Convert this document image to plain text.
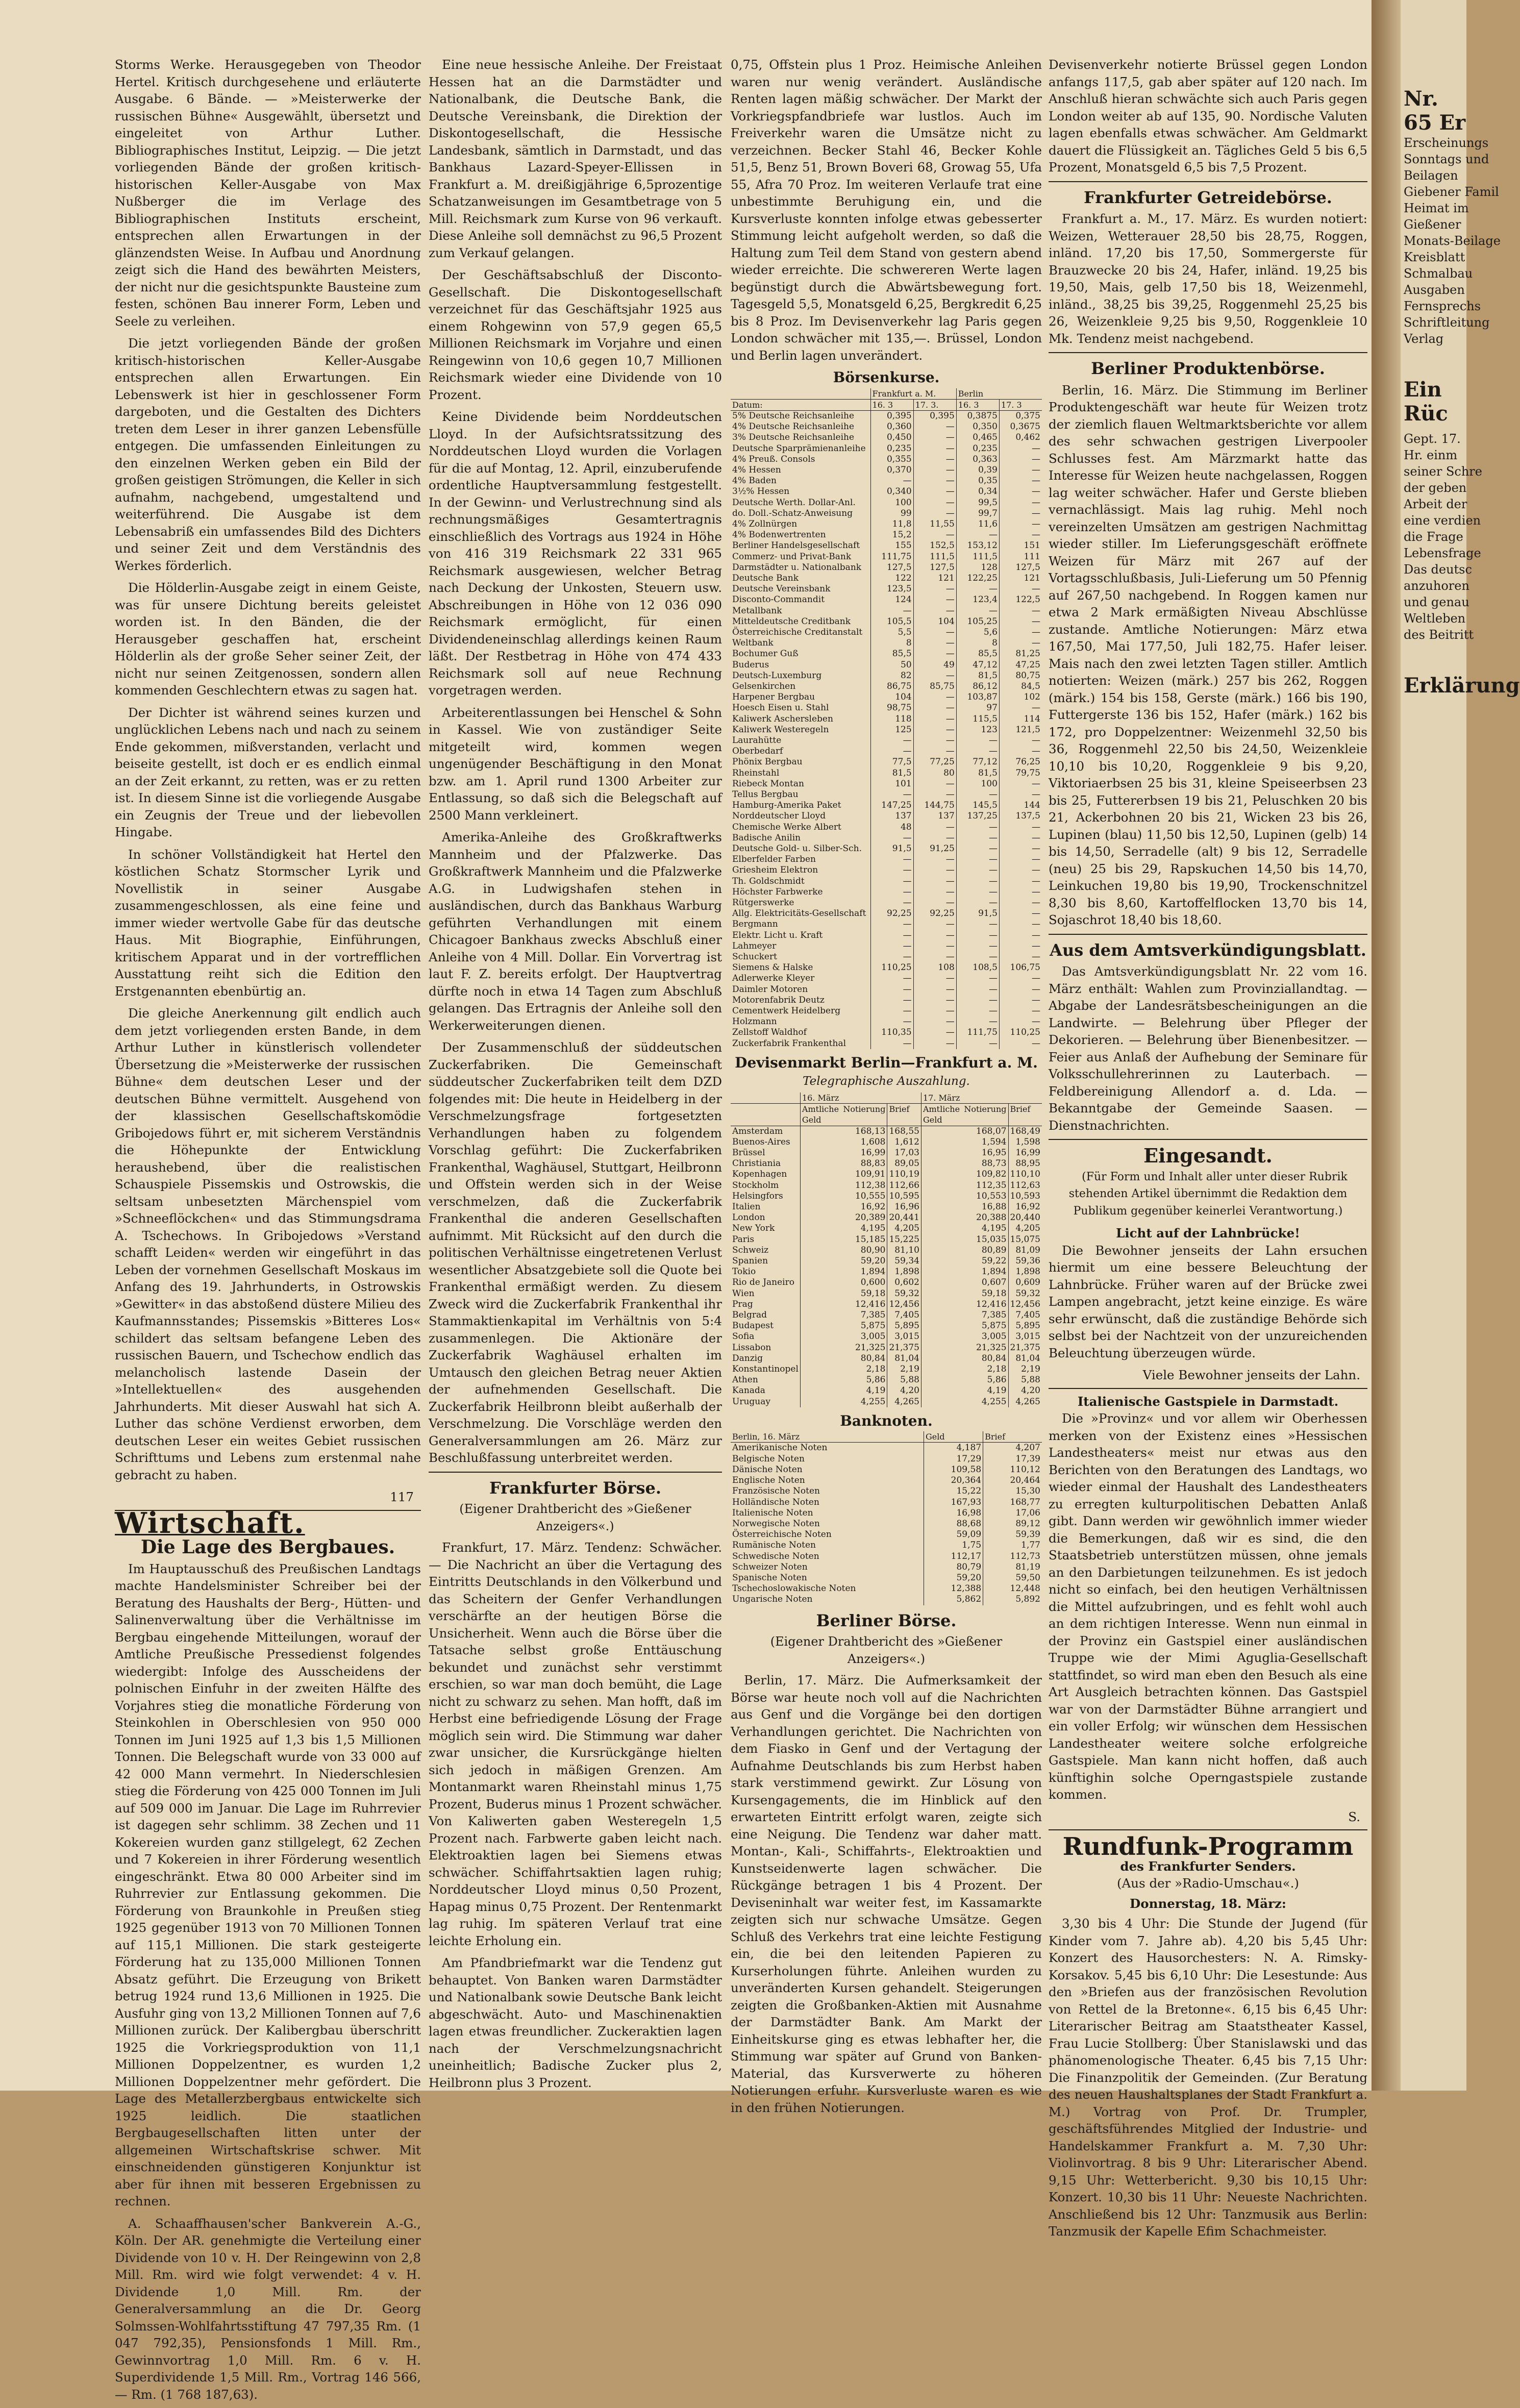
Storms Werke. Herausgegeben von Theodor Hertel. Kritisch durchgesehene und erläuterte Ausgabe. 6 Bände. — »Meisterwerke der russischen Bühne« Ausgewählt, übersetzt und eingeleitet von Arthur Luther. Bibliographisches Institut, Leipzig. — Die jetzt vorliegenden Bände der großen kritisch-historischen Keller-Ausgabe von Max Nußberger die im Verlage des Bibliographischen Instituts erscheint, entsprechen allen Erwartungen in der glänzendsten Weise. In Aufbau und Anordnung zeigt sich die Hand des bewährten Meisters, der nicht nur die gesichtspunkte Bausteine zum festen, schönen Bau innerer Form, Leben und Seele zu verleihen.

Die jetzt vorliegenden Bände der großen kritisch-historischen Keller-Ausgabe entsprechen allen Erwartungen. Ein Lebenswerk ist hier in geschlossener Form dargeboten, und die Gestalten des Dichters treten dem Leser in ihrer ganzen Lebensfülle entgegen. Die umfassenden Einleitungen zu den einzelnen Werken geben ein Bild der großen geistigen Strömungen, die Keller in sich aufnahm, nachgebend, umgestaltend und weiterführend. Die Ausgabe ist dem Lebensabriß ein umfassendes Bild des Dichters und seiner Zeit und dem Verständnis des Werkes förderlich.

Die Hölderlin-Ausgabe zeigt in einem Geiste, was für unsere Dichtung bereits geleistet worden ist. In den Bänden, die der Herausgeber geschaffen hat, erscheint Hölderlin als der große Seher seiner Zeit, der nicht nur seinen Zeitgenossen, sondern allen kommenden Geschlechtern etwas zu sagen hat.

Der Dichter ist während seines kurzen und unglücklichen Lebens nach und nach zu seinem Ende gekommen, mißverstanden, verlacht und beiseite gestellt, ist doch er es endlich einmal an der Zeit erkannt, zu retten, was er zu retten ist. In diesem Sinne ist die vorliegende Ausgabe ein Zeugnis der Treue und der liebevollen Hingabe.

In schöner Vollständigkeit hat Hertel den köstlichen Schatz Stormscher Lyrik und Novellistik in seiner Ausgabe zusammengeschlossen, als eine feine und immer wieder wertvolle Gabe für das deutsche Haus. Mit Biographie, Einführungen, kritischem Apparat und in der vortrefflichen Ausstattung reiht sich die Edition den Erstgenannten ebenbürtig an.

Die gleiche Anerkennung gilt endlich auch dem jetzt vorliegenden ersten Bande, in dem Arthur Luther in künstlerisch vollendeter Übersetzung die »Meisterwerke der russischen Bühne« dem deutschen Leser und der deutschen Bühne vermittelt. Ausgehend von der klassischen Gesellschaftskomödie Gribojedows führt er, mit sicherem Verständnis die Höhepunkte der Entwicklung heraushebend, über die realistischen Schauspiele Pissemskis und Ostrowskis, die seltsam unbesetzten Märchenspiel vom »Schneeflöckchen« und das Stimmungsdrama A. Tschechows. In Gribojedows »Verstand schafft Leiden« werden wir eingeführt in das Leben der vornehmen Gesellschaft Moskaus im Anfang des 19. Jahrhunderts, in Ostrowskis »Gewitter« in das abstoßend düstere Milieu des Kaufmannsstandes; Pissemskis »Bitteres Los« schildert das seltsam befangene Leben des russischen Bauern, und Tschechow endlich das melancholisch lastende Dasein der »Intellektuellen« des ausgehenden Jahrhunderts. Mit dieser Auswahl hat sich A. Luther das schöne Verdienst erworben, dem deutschen Leser ein weites Gebiet russischen Schrifttums und Lebens zum erstenmal nahe gebracht zu haben.

117
Wirtschaft.
Die Lage des Bergbaues.

Im Hauptausschuß des Preußischen Landtags machte Handelsminister Schreiber bei der Beratung des Haushalts der Berg-, Hütten- und Salinenverwaltung über die Verhältnisse im Bergbau eingehende Mitteilungen, worauf der Amtliche Preußische Pressedienst folgendes wiedergibt: Infolge des Ausscheidens der polnischen Einfuhr in der zweiten Hälfte des Vorjahres stieg die monatliche Förderung von Steinkohlen in Oberschlesien von 950 000 Tonnen im Juni 1925 auf 1,3 bis 1,5 Millionen Tonnen. Die Belegschaft wurde von 33 000 auf 42 000 Mann vermehrt. In Niederschlesien stieg die Förderung von 425 000 Tonnen im Juli auf 509 000 im Januar. Die Lage im Ruhrrevier ist dagegen sehr schlimm. 38 Zechen und 11 Kokereien wurden ganz stillgelegt, 62 Zechen und 7 Kokereien in ihrer Förderung wesentlich eingeschränkt. Etwa 80 000 Arbeiter sind im Ruhrrevier zur Entlassung gekommen. Die Förderung von Braunkohle in Preußen stieg 1925 gegenüber 1913 von 70 Millionen Tonnen auf 115,1 Millionen. Die stark gesteigerte Förderung hat zu 135,000 Millionen Tonnen Absatz geführt. Die Erzeugung von Brikett betrug 1924 rund 13,6 Millionen in 1925. Die Ausfuhr ging von 13,2 Millionen Tonnen auf 7,6 Millionen zurück. Der Kalibergbau überschritt 1925 die Vorkriegsproduktion von 11,1 Millionen Doppelzentner, es wurden 1,2 Millionen Doppelzentner mehr gefördert. Die Lage des Metallerzbergbaus entwickelte sich 1925 leidlich. Die staatlichen Bergbaugesellschaften litten unter der allgemeinen Wirtschaftskrise schwer. Mit einschneidenden günstigeren Konjunktur ist aber für ihnen mit besseren Ergebnissen zu rechnen.

A. Schaaffhausen'scher Bankverein A.-G., Köln. Der AR. genehmigte die Verteilung einer Dividende von 10 v. H. Der Reingewinn von 2,8 Mill. Rm. wird wie folgt verwendet: 4 v. H. Dividende 1,0 Mill. Rm. der Generalversammlung an die Dr. Georg Solmssen-Wohlfahrtsstiftung 47 797,35 Rm. (1 047 792,35), Pensionsfonds 1 Mill. Rm., Gewinnvortrag 1,0 Mill. Rm. 6 v. H. Superdividende 1,5 Mill. Rm., Vortrag 146 566,— Rm. (1 768 187,63).

Eine neue hessische Anleihe. Der Freistaat Hessen hat an die Darmstädter und Nationalbank, die Deutsche Bank, die Deutsche Vereinsbank, die Direktion der Diskontogesellschaft, die Hessische Landesbank, sämtlich in Darmstadt, und das Bankhaus Lazard-Speyer-Ellissen in Frankfurt a. M. dreißigjährige 6,5prozentige Schatzanweisungen im Gesamtbetrage von 5 Mill. Reichsmark zum Kurse von 96 verkauft. Diese Anleihe soll demnächst zu 96,5 Prozent zum Verkauf gelangen.

Der Geschäftsabschluß der Disconto-Gesellschaft. Die Diskontogesellschaft verzeichnet für das Geschäftsjahr 1925 aus einem Rohgewinn von 57,9 gegen 65,5 Millionen Reichsmark im Vorjahre und einen Reingewinn von 10,6 gegen 10,7 Millionen Reichsmark wieder eine Dividende von 10 Prozent.

Keine Dividende beim Norddeutschen Lloyd. In der Aufsichtsratssitzung des Norddeutschen Lloyd wurden die Vorlagen für die auf Montag, 12. April, einzuberufende ordentliche Hauptversammlung festgestellt. In der Gewinn- und Verlustrechnung sind als rechnungsmäßiges Gesamtertragnis einschließlich des Vortrags aus 1924 in Höhe von 416 319 Reichsmark 22 331 965 Reichsmark ausgewiesen, welcher Betrag nach Deckung der Unkosten, Steuern usw. Abschreibungen in Höhe von 12 036 090 Reichsmark ermöglicht, für einen Dividendeneinschlag allerdings keinen Raum läßt. Der Restbetrag in Höhe von 474 433 Reichsmark soll auf neue Rechnung vorgetragen werden.

Arbeiterentlassungen bei Henschel & Sohn in Kassel. Wie von zuständiger Seite mitgeteilt wird, kommen wegen ungenügender Beschäftigung in den Monat bzw. am 1. April rund 1300 Arbeiter zur Entlassung, so daß sich die Belegschaft auf 2500 Mann verkleinert.

Amerika-Anleihe des Großkraftwerks Mannheim und der Pfalzwerke. Das Großkraftwerk Mannheim und die Pfalzwerke A.G. in Ludwigshafen stehen in ausländischen, durch das Bankhaus Warburg geführten Verhandlungen mit einem Chicagoer Bankhaus zwecks Abschluß einer Anleihe von 4 Mill. Dollar. Ein Vorvertrag ist laut F. Z. bereits erfolgt. Der Hauptvertrag dürfte noch in etwa 14 Tagen zum Abschluß gelangen. Das Ertragnis der Anleihe soll den Werkerweiterungen dienen.

Der Zusammenschluß der süddeutschen Zuckerfabriken. Die Gemeinschaft süddeutscher Zuckerfabriken teilt dem DZD folgendes mit: Die heute in Heidelberg in der Verschmelzungsfrage fortgesetzten Verhandlungen haben zu folgendem Vorschlag geführt: Die Zuckerfabriken Frankenthal, Waghäusel, Stuttgart, Heilbronn und Offstein werden sich in der Weise verschmelzen, daß die Zuckerfabrik Frankenthal die anderen Gesellschaften aufnimmt. Mit Rücksicht auf den durch die politischen Verhältnisse eingetretenen Verlust wesentlicher Absatzgebiete soll die Quote bei Frankenthal ermäßigt werden. Zu diesem Zweck wird die Zuckerfabrik Frankenthal ihr Stammaktienkapital im Verhältnis von 5:4 zusammenlegen. Die Aktionäre der Zuckerfabrik Waghäusel erhalten im Umtausch den gleichen Betrag neuer Aktien der aufnehmenden Gesellschaft. Die Zuckerfabrik Heilbronn bleibt außerhalb der Verschmelzung. Die Vorschläge werden den Generalversammlungen am 26. März zur Beschlußfassung unterbreitet werden.

Frankfurter Börse.
(Eigener Drahtbericht des »Gießener Anzeigers«.)

Frankfurt, 17. März. Tendenz: Schwächer. — Die Nachricht an über die Vertagung des Eintritts Deutschlands in den Völkerbund und das Scheitern der Genfer Verhandlungen verschärfte an der heutigen Börse die Unsicherheit. Wenn auch die Börse über die Tatsache selbst große Enttäuschung bekundet und zunächst sehr verstimmt erschien, so war man doch bemüht, die Lage nicht zu schwarz zu sehen. Man hofft, daß im Herbst eine befriedigende Lösung der Frage möglich sein wird. Die Stimmung war daher zwar unsicher, die Kursrückgänge hielten sich jedoch in mäßigen Grenzen. Am Montanmarkt waren Rheinstahl minus 1,75 Prozent, Buderus minus 1 Prozent schwächer. Von Kaliwerten gaben Westeregeln 1,5 Prozent nach. Farbwerte gaben leicht nach. Elektroaktien lagen bei Siemens etwas schwächer. Schiffahrtsaktien lagen ruhig; Norddeutscher Lloyd minus 0,50 Prozent, Hapag minus 0,75 Prozent. Der Rentenmarkt lag ruhig. Im späteren Verlauf trat eine leichte Erholung ein.

Am Pfandbriefmarkt war die Tendenz gut behauptet. Von Banken waren Darmstädter und Nationalbank sowie Deutsche Bank leicht abgeschwächt. Auto- und Maschinenaktien lagen etwas freundlicher. Zuckeraktien lagen nach der Verschmelzungsnachricht uneinheitlich; Badische Zucker plus 2, Heilbronn plus 3 Prozent.

0,75, Offstein plus 1 Proz. Heimische Anleihen waren nur wenig verändert. Ausländische Renten lagen mäßig schwächer. Der Markt der Vorkriegspfandbriefe war lustlos. Auch im Freiverkehr waren die Umsätze nicht zu verzeichnen. Becker Stahl 46, Becker Kohle 51,5, Benz 51, Brown Boveri 68, Growag 55, Ufa 55, Afra 70 Proz. Im weiteren Verlaufe trat eine unbestimmte Beruhigung ein, und die Kursverluste konnten infolge etwas gebesserter Stimmung leicht aufgeholt werden, so daß die Haltung zum Teil dem Stand von gestern abend wieder erreichte. Die schwereren Werte lagen begünstigt durch die Abwärtsbewegung fort. Tagesgeld 5,5, Monatsgeld 6,25, Bergkredit 6,25 bis 8 Proz. Im Devisenverkehr lag Paris gegen London schwächer mit 135,—. Brüssel, London und Berlin lagen unverändert.

Börsenkurse.
	Frankfurt a. M.		Berlin	
Datum:	16. 3	17. 3.	16. 3	17. 3
5% Deutsche Reichsanleihe	0,395	0,395	0,3875	0,375
4% Deutsche Reichsanleihe	0,360	—	0,350	0,3675
3% Deutsche Reichsanleihe	0,450	—	0,465	0,462
Deutsche Sparprämienanleihe	0,235	—	0,235	—
4% Preuß. Consols	0,355	—	0,363	—
4% Hessen	0,370	—	0,39	—
4% Baden	—	—	0,35	—
3½% Hessen	0,340	—	0,34	—
Deutsche Werth. Dollar-Anl.	100	—	99,5	—
do. Doll.-Schatz-Anweisung	99	—	99,7	—
4% Zollnürgen	11,8	11,55	11,6	—
4% Bodenwertrenten	15,2	—	—	—
Berliner Handelsgesellschaft	155	152,5	153,12	151
Commerz- und Privat-Bank	111,75	111,5	111,5	111
Darmstädter u. Nationalbank	127,5	127,5	128	127,5
Deutsche Bank	122	121	122,25	121
Deutsche Vereinsbank	123,5	—	—	—
Disconto-Commandit	124	—	123,4	122,5
Metallbank	—	—	—	—
Mitteldeutsche Creditbank	105,5	104	105,25	—
Österreichische Creditanstalt	5,5	—	5,6	—
Weltbank	8	—	8	—
Bochumer Guß	85,5	—	85,5	81,25
Buderus	50	49	47,12	47,25
Deutsch-Luxemburg	82	—	81,5	80,75
Gelsenkirchen	86,75	85,75	86,12	84,5
Harpener Bergbau	104	—	103,87	102
Hoesch Eisen u. Stahl	98,75	—	97	—
Kaliwerk Aschersleben	118	—	115,5	114
Kaliwerk Westeregeln	125	—	123	121,5
Laurahütte	—	—	—	—
Oberbedarf	—	—	—	—
Phönix Bergbau	77,5	77,25	77,12	76,25
Rheinstahl	81,5	80	81,5	79,75
Riebeck Montan	101	—	100	—
Tellus Bergbau	—	—	—	—
Hamburg-Amerika Paket	147,25	144,75	145,5	144
Norddeutscher Lloyd	137	137	137,25	137,5
Chemische Werke Albert	48	—	—	—
Badische Anilin	—	—	—	—
Deutsche Gold- u. Silber-Sch.	91,5	91,25	—	—
Elberfelder Farben	—	—	—	—
Griesheim Elektron	—	—	—	—
Th. Goldschmidt	—	—	—	—
Höchster Farbwerke	—	—	—	—
Rütgerswerke	—	—	—	—
Allg. Elektricitäts-Gesellschaft	92,25	92,25	91,5	—
Bergmann	—	—	—	—
Elektr. Licht u. Kraft	—	—	—	—
Lahmeyer	—	—	—	—
Schuckert	—	—	—	—
Siemens & Halske	110,25	108	108,5	106,75
Adlerwerke Kleyer	—	—	—	—
Daimler Motoren	—	—	—	—
Motorenfabrik Deutz	—	—	—	—
Cementwerk Heidelberg	—	—	—	—
Holzmann	—	—	—	—
Zellstoff Waldhof	110,35	—	111,75	110,25
Zuckerfabrik Frankenthal	—	—	—	—
Devisenmarkt Berlin—Frankfurt a. M.
Telegraphische Auszahlung.
	16. März		17. März	
	Amtliche Notierung Geld	Brief	Amtliche Notierung Geld	Brief
Amsterdam	168,13	168,55	168,07	168,49
Buenos-Aires	1,608	1,612	1,594	1,598
Brüssel	16,99	17,03	16,95	16,99
Christiania	88,83	89,05	88,73	88,95
Kopenhagen	109,91	110,19	109,82	110,10
Stockholm	112,38	112,66	112,35	112,63
Helsingfors	10,555	10,595	10,553	10,593
Italien	16,92	16,96	16,88	16,92
London	20,389	20,441	20,388	20,440
New York	4,195	4,205	4,195	4,205
Paris	15,185	15,225	15,035	15,075
Schweiz	80,90	81,10	80,89	81,09
Spanien	59,20	59,34	59,22	59,36
Tokio	1,894	1,898	1,894	1,898
Rio de Janeiro	0,600	0,602	0,607	0,609
Wien	59,18	59,32	59,18	59,32
Prag	12,416	12,456	12,416	12,456
Belgrad	7,385	7,405	7,385	7,405
Budapest	5,875	5,895	5,875	5,895
Sofia	3,005	3,015	3,005	3,015
Lissabon	21,325	21,375	21,325	21,375
Danzig	80,84	81,04	80,84	81,04
Konstantinopel	2,18	2,19	2,18	2,19
Athen	5,86	5,88	5,86	5,88
Kanada	4,19	4,20	4,19	4,20
Uruguay	4,255	4,265	4,255	4,265
Banknoten.
Berlin, 16. März	Geld	Brief
Amerikanische Noten	4,187	4,207
Belgische Noten	17,29	17,39
Dänische Noten	109,58	110,12
Englische Noten	20,364	20,464
Französische Noten	15,22	15,30
Holländische Noten	167,93	168,77
Italienische Noten	16,98	17,06
Norwegische Noten	88,68	89,12
Österreichische Noten	59,09	59,39
Rumänische Noten	1,75	1,77
Schwedische Noten	112,17	112,73
Schweizer Noten	80,79	81,19
Spanische Noten	59,20	59,50
Tschechoslowakische Noten	12,388	12,448
Ungarische Noten	5,862	5,892
Berliner Börse.
(Eigener Drahtbericht des »Gießener Anzeigers«.)

Berlin, 17. März. Die Aufmerksamkeit der Börse war heute noch voll auf die Nachrichten aus Genf und die Vorgänge bei den dortigen Verhandlungen gerichtet. Die Nachrichten von dem Fiasko in Genf und der Vertagung der Aufnahme Deutschlands bis zum Herbst haben stark verstimmend gewirkt. Zur Lösung von Kursengagements, die im Hinblick auf den erwarteten Eintritt erfolgt waren, zeigte sich eine Neigung. Die Tendenz war daher matt. Montan-, Kali-, Schiffahrts-, Elektroaktien und Kunstseidenwerte lagen schwächer. Die Rückgänge betragen 1 bis 4 Prozent. Der Deviseninhalt war weiter fest, im Kassamarkte zeigten sich nur schwache Umsätze. Gegen Schluß des Verkehrs trat eine leichte Festigung ein, die bei den leitenden Papieren zu Kurserholungen führte. Anleihen wurden zu unveränderten Kursen gehandelt. Steigerungen zeigten die Großbanken-Aktien mit Ausnahme der Darmstädter Bank. Am Markt der Einheitskurse ging es etwas lebhafter her, die Stimmung war später auf Grund von Banken-Material, das Kursverwerte zu höheren Notierungen erfuhr. Kursverluste waren es wie in den frühen Notierungen.

Devisenverkehr notierte Brüssel gegen London anfangs 117,5, gab aber später auf 120 nach. Im Anschluß hieran schwächte sich auch Paris gegen London weiter ab auf 135, 90. Nordische Valuten lagen ebenfalls etwas schwächer. Am Geldmarkt dauert die Flüssigkeit an. Tägliches Geld 5 bis 6,5 Prozent, Monatsgeld 6,5 bis 7,5 Prozent.

Frankfurter Getreidebörse.

Frankfurt a. M., 17. März. Es wurden notiert: Weizen, Wetterauer 28,50 bis 28,75, Roggen, inländ. 17,20 bis 17,50, Sommergerste für Brauzwecke 20 bis 24, Hafer, inländ. 19,25 bis 19,50, Mais, gelb 17,50 bis 18, Weizenmehl, inländ., 38,25 bis 39,25, Roggenmehl 25,25 bis 26, Weizenkleie 9,25 bis 9,50, Roggenkleie 10 Mk. Tendenz meist nachgebend.

Berliner Produktenbörse.

Berlin, 16. März. Die Stimmung im Berliner Produktengeschäft war heute für Weizen trotz der ziemlich flauen Weltmarktsberichte vor allem des sehr schwachen gestrigen Liverpooler Schlusses fest. Am Märzmarkt hatte das Interesse für Weizen heute nachgelassen, Roggen lag weiter schwächer. Hafer und Gerste blieben vernachlässigt. Mais lag ruhig. Mehl noch vereinzelten Umsätzen am gestrigen Nachmittag wieder stiller. Im Lieferungsgeschäft eröffnete Weizen für März mit 267 auf der Vortagsschlußbasis, Juli-Lieferung um 50 Pfennig auf 267,50 nachgebend. In Roggen kamen nur etwa 2 Mark ermäßigten Niveau Abschlüsse zustande. Amtliche Notierungen: März etwa 167,50, Mai 177,50, Juli 182,75. Hafer leiser. Mais nach den zwei letzten Tagen stiller. Amtlich notierten: Weizen (märk.) 257 bis 262, Roggen (märk.) 154 bis 158, Gerste (märk.) 166 bis 190, Futtergerste 136 bis 152, Hafer (märk.) 162 bis 172, pro Doppelzentner: Weizenmehl 32,50 bis 36, Roggenmehl 22,50 bis 24,50, Weizenkleie 10,10 bis 10,20, Roggenkleie 9 bis 9,20, Viktoriaerbsen 25 bis 31, kleine Speiseerbsen 23 bis 25, Futtererbsen 19 bis 21, Peluschken 20 bis 21, Ackerbohnen 20 bis 21, Wicken 23 bis 26, Lupinen (blau) 11,50 bis 12,50, Lupinen (gelb) 14 bis 14,50, Serradelle (alt) 9 bis 12, Serradelle (neu) 25 bis 29, Rapskuchen 14,50 bis 14,70, Leinkuchen 19,80 bis 19,90, Trockenschnitzel 8,30 bis 8,60, Kartoffelflocken 13,70 bis 14, Sojaschrot 18,40 bis 18,60.

Aus dem Amtsverkündigungsblatt.

Das Amtsverkündigungsblatt Nr. 22 vom 16. März enthält: Wahlen zum Provinziallandtag. — Abgabe der Landesrätsbescheinigungen an die Landwirte. — Belehrung über Pfleger der Dekorieren. — Belehrung über Bienenbesitzer. — Feier aus Anlaß der Aufhebung der Seminare für Volksschullehrerinnen zu Lauterbach. — Feldbereinigung Allendorf a. d. Lda. — Bekanntgabe der Gemeinde Saasen. — Dienstnachrichten.

Eingesandt.

(Für Form und Inhalt aller unter dieser Rubrik stehenden Artikel übernimmt die Redaktion dem Publikum gegenüber keinerlei Verantwortung.)

Licht auf der Lahnbrücke!

Die Bewohner jenseits der Lahn ersuchen hiermit um eine bessere Beleuchtung der Lahnbrücke. Früher waren auf der Brücke zwei Lampen angebracht, jetzt keine einzige. Es wäre sehr erwünscht, daß die zuständige Behörde sich selbst bei der Nachtzeit von der unzureichenden Beleuchtung überzeugen würde.

Viele Bewohner jenseits der Lahn.
Italienische Gastspiele in Darmstadt.

Die »Provinz« und vor allem wir Oberhessen merken von der Existenz eines »Hessischen Landestheaters« meist nur etwas aus den Berichten von den Beratungen des Landtags, wo wieder einmal der Haushalt des Landestheaters zu erregten kulturpolitischen Debatten Anlaß gibt. Dann werden wir gewöhnlich immer wieder die Bemerkungen, daß wir es sind, die den Staatsbetrieb unterstützen müssen, ohne jemals an den Darbietungen teilzunehmen. Es ist jedoch nicht so einfach, bei den heutigen Verhältnissen die Mittel aufzubringen, und es fehlt wohl auch an dem richtigen Interesse. Wenn nun einmal in der Provinz ein Gastspiel einer ausländischen Truppe wie der Mimi Aguglia-Gesellschaft stattfindet, so wird man eben den Besuch als eine Art Ausgleich betrachten können. Das Gastspiel war von der Darmstädter Bühne arrangiert und ein voller Erfolg; wir wünschen dem Hessischen Landestheater weitere solche erfolgreiche Gastspiele. Man kann nicht hoffen, daß auch künftighin solche Operngastspiele zustande kommen.

S.
Rundfunk-Programm
des Frankfurter Senders.
(Aus der »Radio-Umschau«.)
Donnerstag, 18. März:

3,30 bis 4 Uhr: Die Stunde der Jugend (für Kinder vom 7. Jahre ab). 4,20 bis 5,45 Uhr: Konzert des Hausorchesters: N. A. Rimsky-Korsakov. 5,45 bis 6,10 Uhr: Die Lesestunde: Aus den »Briefen aus der französischen Revolution von Rettel de la Bretonne«. 6,15 bis 6,45 Uhr: Literarischer Beitrag am Staatstheater Kassel, Frau Lucie Stollberg: Über Stanislawski und das phänomenologische Theater. 6,45 bis 7,15 Uhr: Die Finanzpolitik der Gemeinden. (Zur Beratung des neuen Haushaltsplanes der Stadt Frankfurt a. M.) Vortrag von Prof. Dr. Trumpler, geschäftsführendes Mitglied der Industrie- und Handelskammer Frankfurt a. M. 7,30 Uhr: Violinvortrag. 8 bis 9 Uhr: Literarischer Abend. 9,15 Uhr: Wetterbericht. 9,30 bis 10,15 Uhr: Konzert. 10,30 bis 11 Uhr: Neueste Nachrichten. Anschließend bis 12 Uhr: Tanzmusik aus Berlin: Tanzmusik der Kapelle Efim Schachmeister.

Nr. 65 Er
Erscheinungs
Sonntags und
Beilagen
Giebener Famil
Heimat im
Gießener
Monats-Beilage
Kreisblatt
Schmalbau
Ausgaben
Fernsprechs
Schriftleitung
Verlag
Ein Rüc
Gept. 17.
Hr. einm
seiner Schre
der geben
Arbeit der
eine verdien
die Frage
Lebensfrage
Das deutsc
anzuhoren
und genau
Weltleben
des Beitritt
Erklärung
